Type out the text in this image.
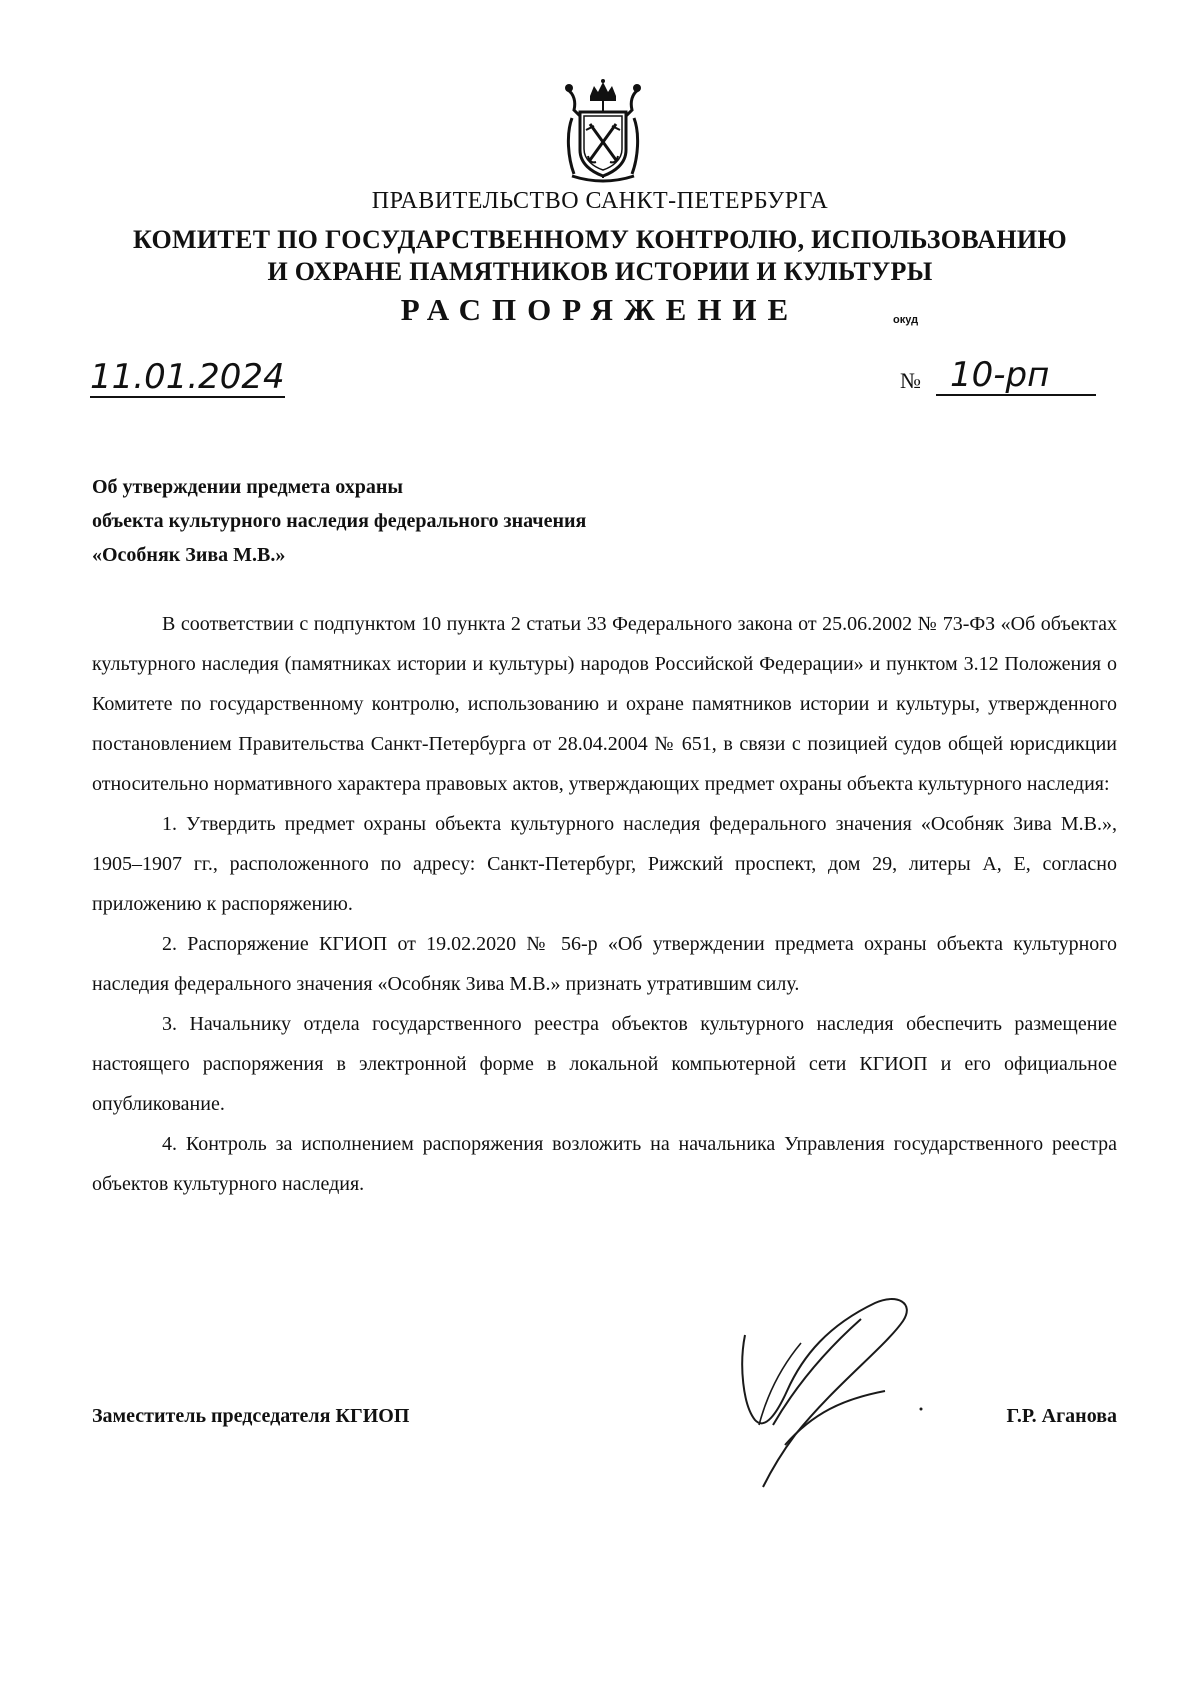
ПРАВИТЕЛЬСТВО САНКТ-ПЕТЕРБУРГА
КОМИТЕТ ПО ГОСУДАРСТВЕННОМУ КОНТРОЛЮ, ИСПОЛЬЗОВАНИЮ
И ОХРАНЕ ПАМЯТНИКОВ ИСТОРИИ И КУЛЬТУРЫ
РАСПОРЯЖЕНИЕ	окуд
11.01.2024	№ 10-рп
Об утверждении предмета охраны
объекта культурного наследия федерального значения
«Особняк Зива М.В.»

В соответствии с подпунктом 10 пункта 2 статьи 33 Федерального закона от 25.06.2002 № 73-ФЗ «Об объектах культурного наследия (памятниках истории и культуры) народов Российской Федерации» и пунктом 3.12 Положения о Комитете по государственному контролю, использованию и охране памятников истории и культуры, утвержденного постановлением Правительства Санкт-Петербурга от 28.04.2004 № 651, в связи с позицией судов общей юрисдикции относительно нормативного характера правовых актов, утверждающих предмет охраны объекта культурного наследия:

1. Утвердить предмет охраны объекта культурного наследия федерального значения «Особняк Зива М.В.», 1905–1907 гг., расположенного по адресу: Санкт-Петербург, Рижский проспект, дом 29, литеры А, Е, согласно приложению к распоряжению.

2. Распоряжение КГИОП от 19.02.2020 № 56-р «Об утверждении предмета охраны объекта культурного наследия федерального значения «Особняк Зива М.В.» признать утратившим силу.

3. Начальнику отдела государственного реестра объектов культурного наследия обеспечить размещение настоящего распоряжения в электронной форме в локальной компьютерной сети КГИОП и его официальное опубликование.

4. Контроль за исполнением распоряжения возложить на начальника Управления государственного реестра объектов культурного наследия.

Заместитель председателя КГИОП	Г.Р. Аганова
